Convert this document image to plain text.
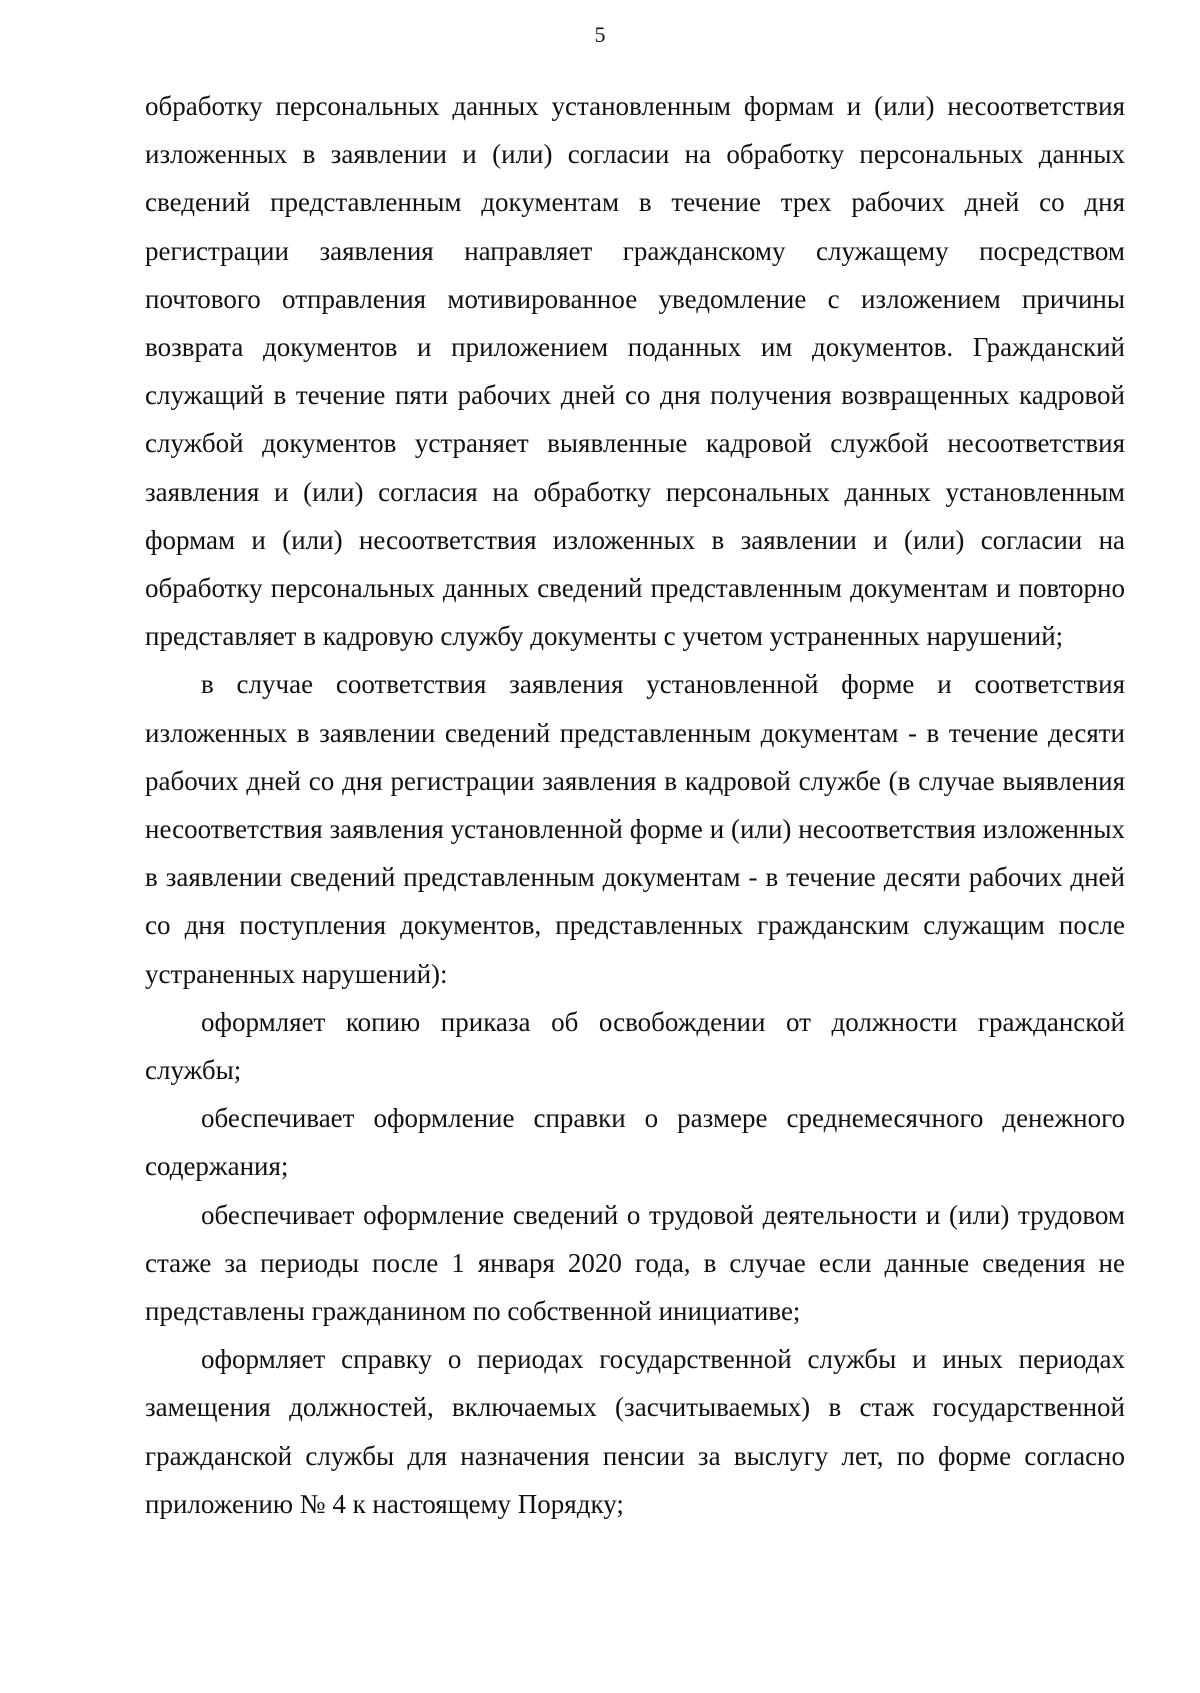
5

обработку персональных данных установленным формам и (или) несоответствия изложенных в заявлении и (или) согласии на обработку персональных данных сведений представленным документам в течение трех рабочих дней со дня регистрации заявления направляет гражданскому служащему посредством почтового отправления мотивированное уведомление с изложением причины возврата документов и приложением поданных им документов. Гражданский служащий в течение пяти рабочих дней со дня получения возвращенных кадровой службой документов устраняет выявленные кадровой службой несоответствия заявления и (или) согласия на обработку персональных данных установленным формам и (или) несоответствия изложенных в заявлении и (или) согласии на обработку персональных данных сведений представленным документам и повторно представляет в кадровую службу документы с учетом устраненных нарушений;

в случае соответствия заявления установленной форме и соответствия изложенных в заявлении сведений представленным документам - в течение десяти рабочих дней со дня регистрации заявления в кадровой службе (в случае выявления несоответствия заявления установленной форме и (или) несоответствия изложенных в заявлении сведений представленным документам - в течение десяти рабочих дней со дня поступления документов, представленных гражданским служащим после устраненных нарушений):

оформляет копию приказа об освобождении от должности гражданской службы;

обеспечивает оформление справки о размере среднемесячного денежного содержания;

обеспечивает оформление сведений о трудовой деятельности и (или) трудовом стаже за периоды после 1 января 2020 года, в случае если данные сведения не представлены гражданином по собственной инициативе;

оформляет справку о периодах государственной службы и иных периодах замещения должностей, включаемых (засчитываемых) в стаж государственной гражданской службы для назначения пенсии за выслугу лет, по форме согласно приложению № 4 к настоящему Порядку;
